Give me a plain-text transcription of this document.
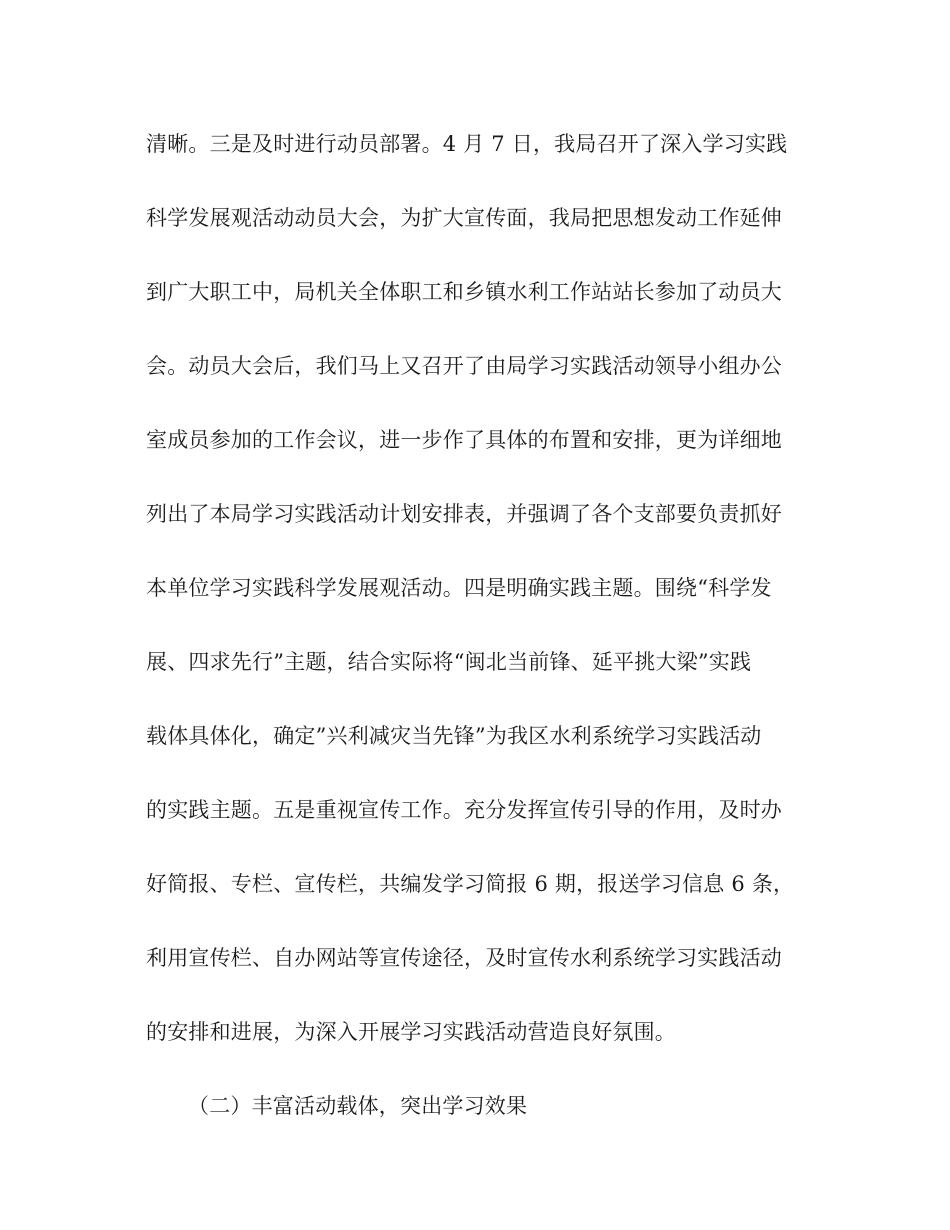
清晰。三是及时进行动员部署。4 月 7 日，我局召开了深入学习实践
科学发展观活动动员大会，为扩大宣传面，我局把思想发动工作延伸
到广大职工中，局机关全体职工和乡镇水利工作站站长参加了动员大
会。动员大会后，我们马上又召开了由局学习实践活动领导小组办公
室成员参加的工作会议，进一步作了具体的布置和安排，更为详细地
列出了本局学习实践活动计划安排表，并强调了各个支部要负责抓好
本单位学习实践科学发展观活动。四是明确实践主题。围绕“科学发
展、四求先行”主题，结合实际将“闽北当前锋、延平挑大梁”实践
载体具体化，确定”兴利减灾当先锋”为我区水利系统学习实践活动
的实践主题。五是重视宣传工作。充分发挥宣传引导的作用，及时办
好简报、专栏、宣传栏，共编发学习简报 6 期，报送学习信息 6 条，
利用宣传栏、自办网站等宣传途径，及时宣传水利系统学习实践活动
的安排和进展，为深入开展学习实践活动营造良好氛围。
（二）丰富活动载体，突出学习效果
